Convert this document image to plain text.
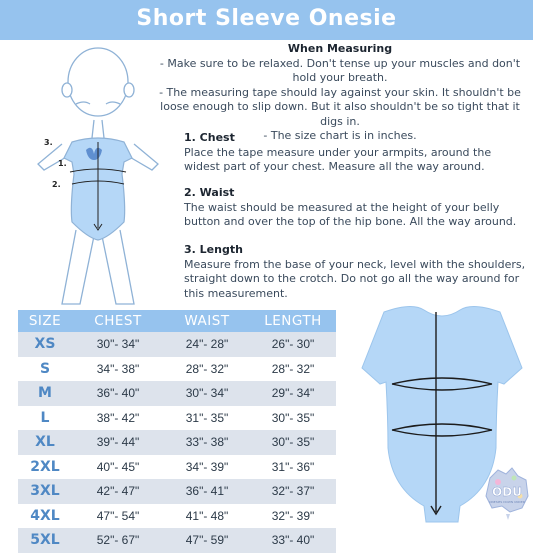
Short Sleeve Onesie
3.
1.
2.
When Measuring

- Make sure to be relaxed. Don't tense up your muscles and don't hold your breath.

- The measuring tape should lay against your skin. It shouldn't be loose enough to slip down. But it also shouldn't be so tight that it digs in.

- The size chart is in inches.

1. Chest
Place the tape measure under your armpits, around the widest part of your chest. Measure all the way around.
2. Waist
The waist should be measured at the height of your belly button and over the top of the hip bone. All the way around.
3. Length
Measure from the base of your neck, level with the shoulders, straight down to the crotch. Do not go all the way around for this measurement.
SIZE	CHEST	WAIST	LENGTH
XS	30"- 34"	24"- 28"	26"- 30"
S	34"- 38"	28"- 32"	28"- 32"
M	36"- 40"	30"- 34"	29"- 34"
L	38"- 42"	31"- 35"	30"- 35"
XL	39"- 44"	33"- 38"	30"- 35"
2XL	40"- 45"	34"- 39"	31"- 36"
3XL	42"- 47"	36"- 41"	32"- 37"
4XL	47"- 54"	41"- 48"	32"- 39"
5XL	52"- 67"	47"- 59"	33"- 40"
ODU
ONESIES DOWN UNDER
